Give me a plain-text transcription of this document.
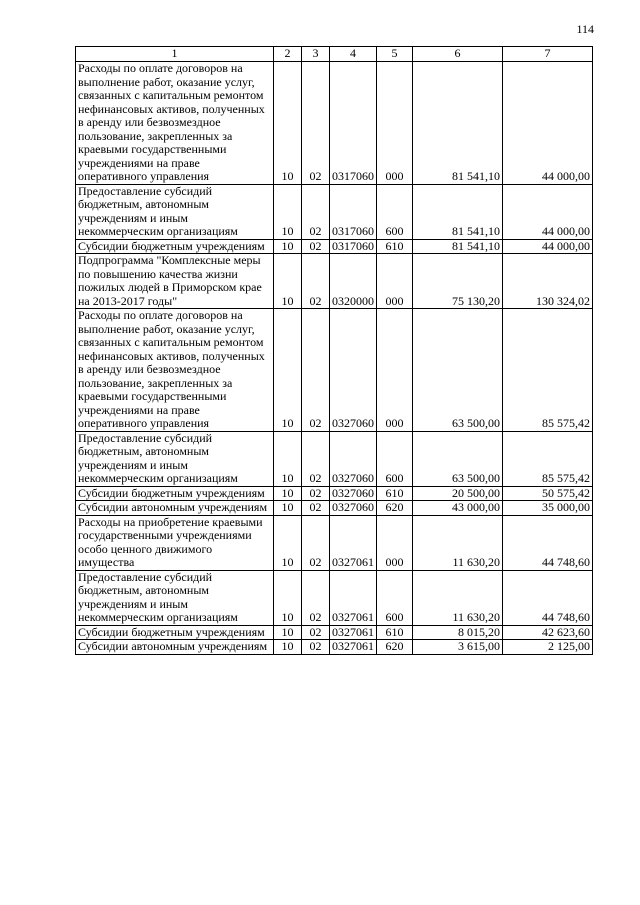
114
1	2	3	4	5	6	7
Расходы по оплате договоров на выполнение работ, оказание услуг, связанных с капитальным ремонтом нефинансовых активов, полученных в аренду или безвозмездное пользование, закрепленных за краевыми государственными учреждениями на праве оперативного управления	10	02	0317060	000	81 541,10	44 000,00
Предоставление субсидий бюджетным, автономным учреждениям и иным некоммерческим организациям	10	02	0317060	600	81 541,10	44 000,00
Субсидии бюджетным учреждениям	10	02	0317060	610	81 541,10	44 000,00
Подпрограмма "Комплексные меры по повышению качества жизни пожилых людей в Приморском крае на 2013-2017 годы"	10	02	0320000	000	75 130,20	130 324,02
Расходы по оплате договоров на выполнение работ, оказание услуг, связанных с капитальным ремонтом нефинансовых активов, полученных в аренду или безвозмездное пользование, закрепленных за краевыми государственными учреждениями на праве оперативного управления	10	02	0327060	000	63 500,00	85 575,42
Предоставление субсидий бюджетным, автономным учреждениям и иным некоммерческим организациям	10	02	0327060	600	63 500,00	85 575,42
Субсидии бюджетным учреждениям	10	02	0327060	610	20 500,00	50 575,42
Субсидии автономным учреждениям	10	02	0327060	620	43 000,00	35 000,00
Расходы на приобретение краевыми государственными учреждениями особо ценного движимого имущества	10	02	0327061	000	11 630,20	44 748,60
Предоставление субсидий бюджетным, автономным учреждениям и иным некоммерческим организациям	10	02	0327061	600	11 630,20	44 748,60
Субсидии бюджетным учреждениям	10	02	0327061	610	8 015,20	42 623,60
Субсидии автономным учреждениям	10	02	0327061	620	3 615,00	2 125,00
